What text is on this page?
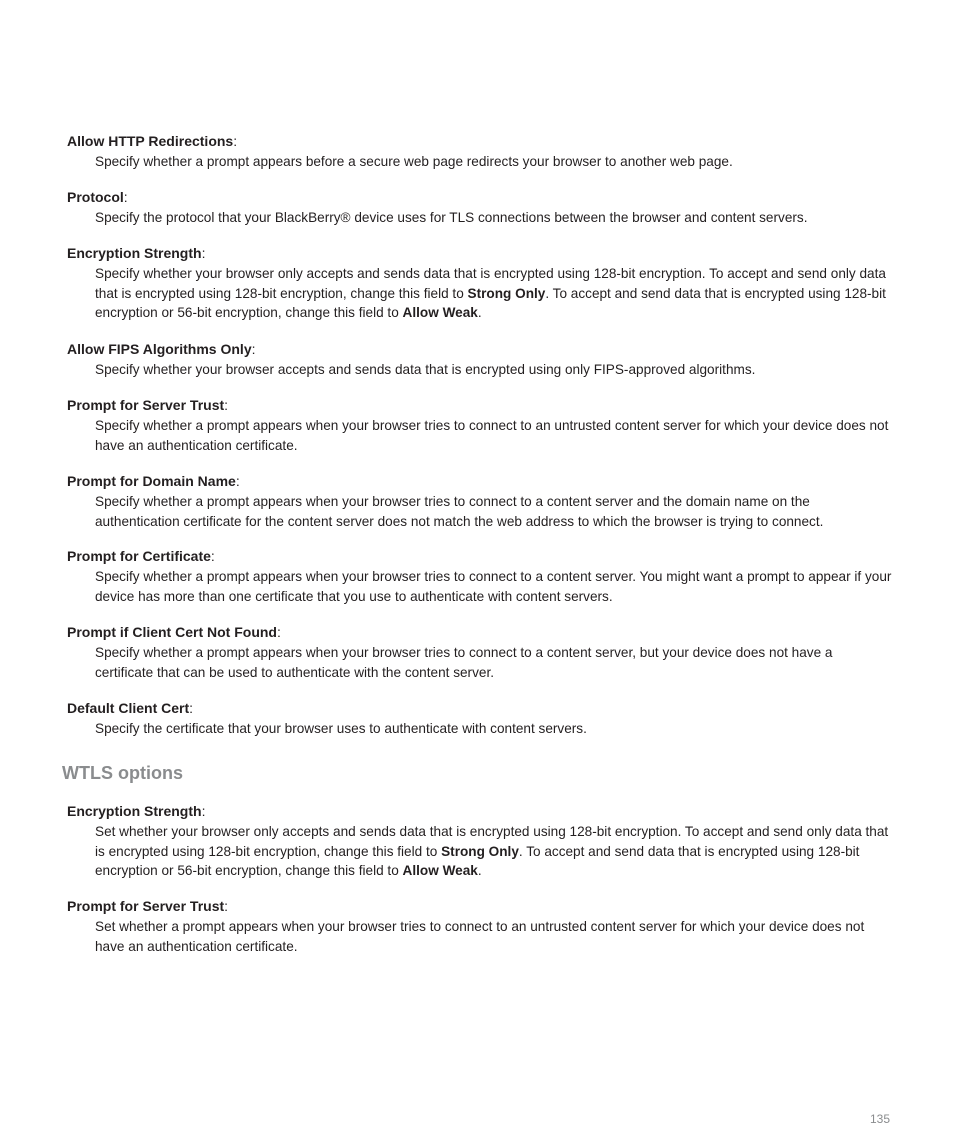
Allow HTTP Redirections:
Specify whether a prompt appears before a secure web page redirects your browser to another web page.
Protocol:
Specify the protocol that your BlackBerry® device uses for TLS connections between the browser and content servers.
Encryption Strength:
Specify whether your browser only accepts and sends data that is encrypted using 128-bit encryption. To accept and send only data that is encrypted using 128-bit encryption, change this field to Strong Only. To accept and send data that is encrypted using 128-bit encryption or 56-bit encryption, change this field to Allow Weak.
Allow FIPS Algorithms Only:
Specify whether your browser accepts and sends data that is encrypted using only FIPS-approved algorithms.
Prompt for Server Trust:
Specify whether a prompt appears when your browser tries to connect to an untrusted content server for which your device does not have an authentication certificate.
Prompt for Domain Name:
Specify whether a prompt appears when your browser tries to connect to a content server and the domain name on the authentication certificate for the content server does not match the web address to which the browser is trying to connect.
Prompt for Certificate:
Specify whether a prompt appears when your browser tries to connect to a content server. You might want a prompt to appear if your device has more than one certificate that you use to authenticate with content servers.
Prompt if Client Cert Not Found:
Specify whether a prompt appears when your browser tries to connect to a content server, but your device does not have a certificate that can be used to authenticate with the content server.
Default Client Cert:
Specify the certificate that your browser uses to authenticate with content servers.
WTLS options
Encryption Strength:
Set whether your browser only accepts and sends data that is encrypted using 128-bit encryption. To accept and send only data that is encrypted using 128-bit encryption, change this field to Strong Only. To accept and send data that is encrypted using 128-bit encryption or 56-bit encryption, change this field to Allow Weak.
Prompt for Server Trust:
Set whether a prompt appears when your browser tries to connect to an untrusted content server for which your device does not have an authentication certificate.
135
